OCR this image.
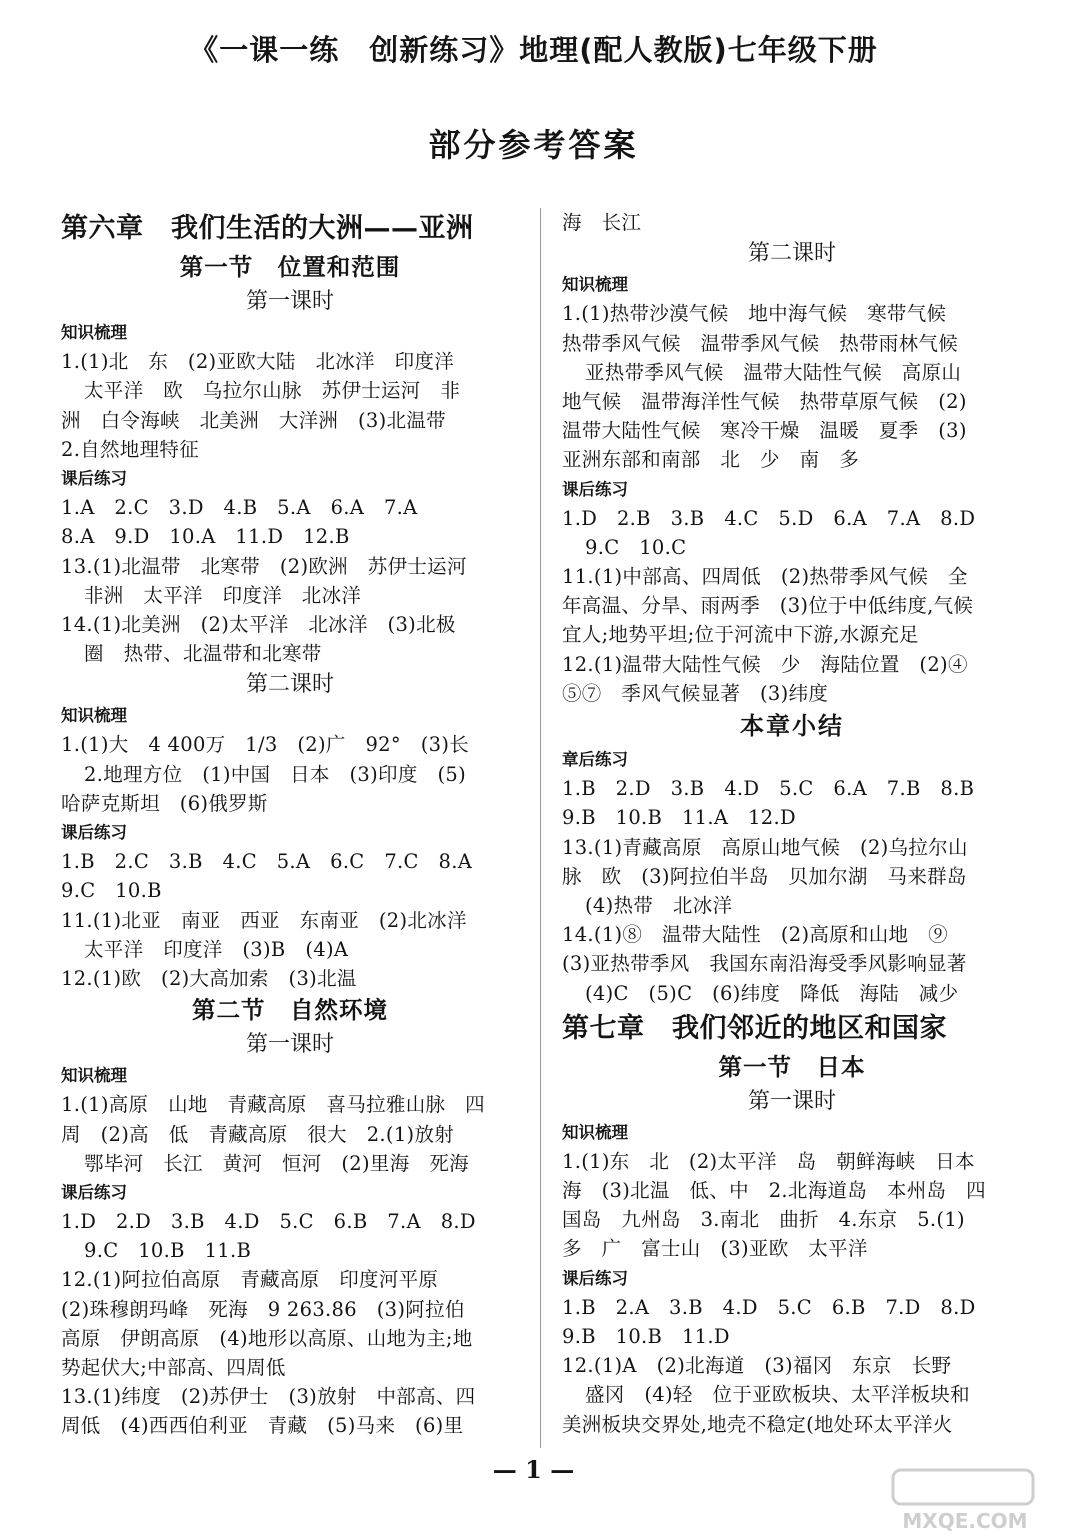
《一课一练　创新练习》地理(配人教版)七年级下册
部分参考答案
第六章　我们生活的大洲——亚洲
第一节　位置和范围
第一课时
知识梳理
1.(1)北　东　(2)亚欧大陆　北冰洋　印度洋
太平洋　欧　乌拉尔山脉　苏伊士运河　非
洲　白令海峡　北美洲　大洋洲　(3)北温带
2.自然地理特征
课后练习
1.A　2.C　3.D　4.B　5.A　6.A　7.A
8.A　9.D　10.A　11.D　12.B
13.(1)北温带　北寒带　(2)欧洲　苏伊士运河
非洲　太平洋　印度洋　北冰洋
14.(1)北美洲　(2)太平洋　北冰洋　(3)北极
圈　热带、北温带和北寒带
第二课时
知识梳理
1.(1)大　4 400万　1/3　(2)广　92°　(3)长
2.地理方位　(1)中国　日本　(3)印度　(5)
哈萨克斯坦　(6)俄罗斯
课后练习
1.B　2.C　3.B　4.C　5.A　6.C　7.C　8.A
9.C　10.B
11.(1)北亚　南亚　西亚　东南亚　(2)北冰洋
太平洋　印度洋　(3)B　(4)A
12.(1)欧　(2)大高加索　(3)北温
第二节　自然环境
第一课时
知识梳理
1.(1)高原　山地　青藏高原　喜马拉雅山脉　四
周　(2)高　低　青藏高原　很大　2.(1)放射
鄂毕河　长江　黄河　恒河　(2)里海　死海
课后练习
1.D　2.D　3.B　4.D　5.C　6.B　7.A　8.D
9.C　10.B　11.B
12.(1)阿拉伯高原　青藏高原　印度河平原
(2)珠穆朗玛峰　死海　9 263.86　(3)阿拉伯
高原　伊朗高原　(4)地形以高原、山地为主;地
势起伏大;中部高、四周低
13.(1)纬度　(2)苏伊士　(3)放射　中部高、四
周低　(4)西西伯利亚　青藏　(5)马来　(6)里
海　长江
第二课时
知识梳理
1.(1)热带沙漠气候　地中海气候　寒带气候
热带季风气候　温带季风气候　热带雨林气候
亚热带季风气候　温带大陆性气候　高原山
地气候　温带海洋性气候　热带草原气候　(2)
温带大陆性气候　寒冷干燥　温暖　夏季　(3)
亚洲东部和南部　北　少　南　多
课后练习
1.D　2.B　3.B　4.C　5.D　6.A　7.A　8.D
9.C　10.C
11.(1)中部高、四周低　(2)热带季风气候　全
年高温、分旱、雨两季　(3)位于中低纬度,气候
宜人;地势平坦;位于河流中下游,水源充足
12.(1)温带大陆性气候　少　海陆位置　(2)④
⑤⑦　季风气候显著　(3)纬度
本章小结
章后练习
1.B　2.D　3.B　4.D　5.C　6.A　7.B　8.B
9.B　10.B　11.A　12.D
13.(1)青藏高原　高原山地气候　(2)乌拉尔山
脉　欧　(3)阿拉伯半岛　贝加尔湖　马来群岛
(4)热带　北冰洋
14.(1)⑧　温带大陆性　(2)高原和山地　⑨
(3)亚热带季风　我国东南沿海受季风影响显著
(4)C　(5)C　(6)纬度　降低　海陆　减少
第七章　我们邻近的地区和国家
第一节　日本
第一课时
知识梳理
1.(1)东　北　(2)太平洋　岛　朝鲜海峡　日本
海　(3)北温　低、中　2.北海道岛　本州岛　四
国岛　九州岛　3.南北　曲折　4.东京　5.(1)
多　广　富士山　(3)亚欧　太平洋
课后练习
1.B　2.A　3.B　4.D　5.C　6.B　7.D　8.D
9.B　10.B　11.D
12.(1)A　(2)北海道　(3)福冈　东京　长野
盛冈　(4)轻　位于亚欧板块、太平洋板块和
美洲板块交界处,地壳不稳定(地处环太平洋火
— 1 —
MXQE.COM
